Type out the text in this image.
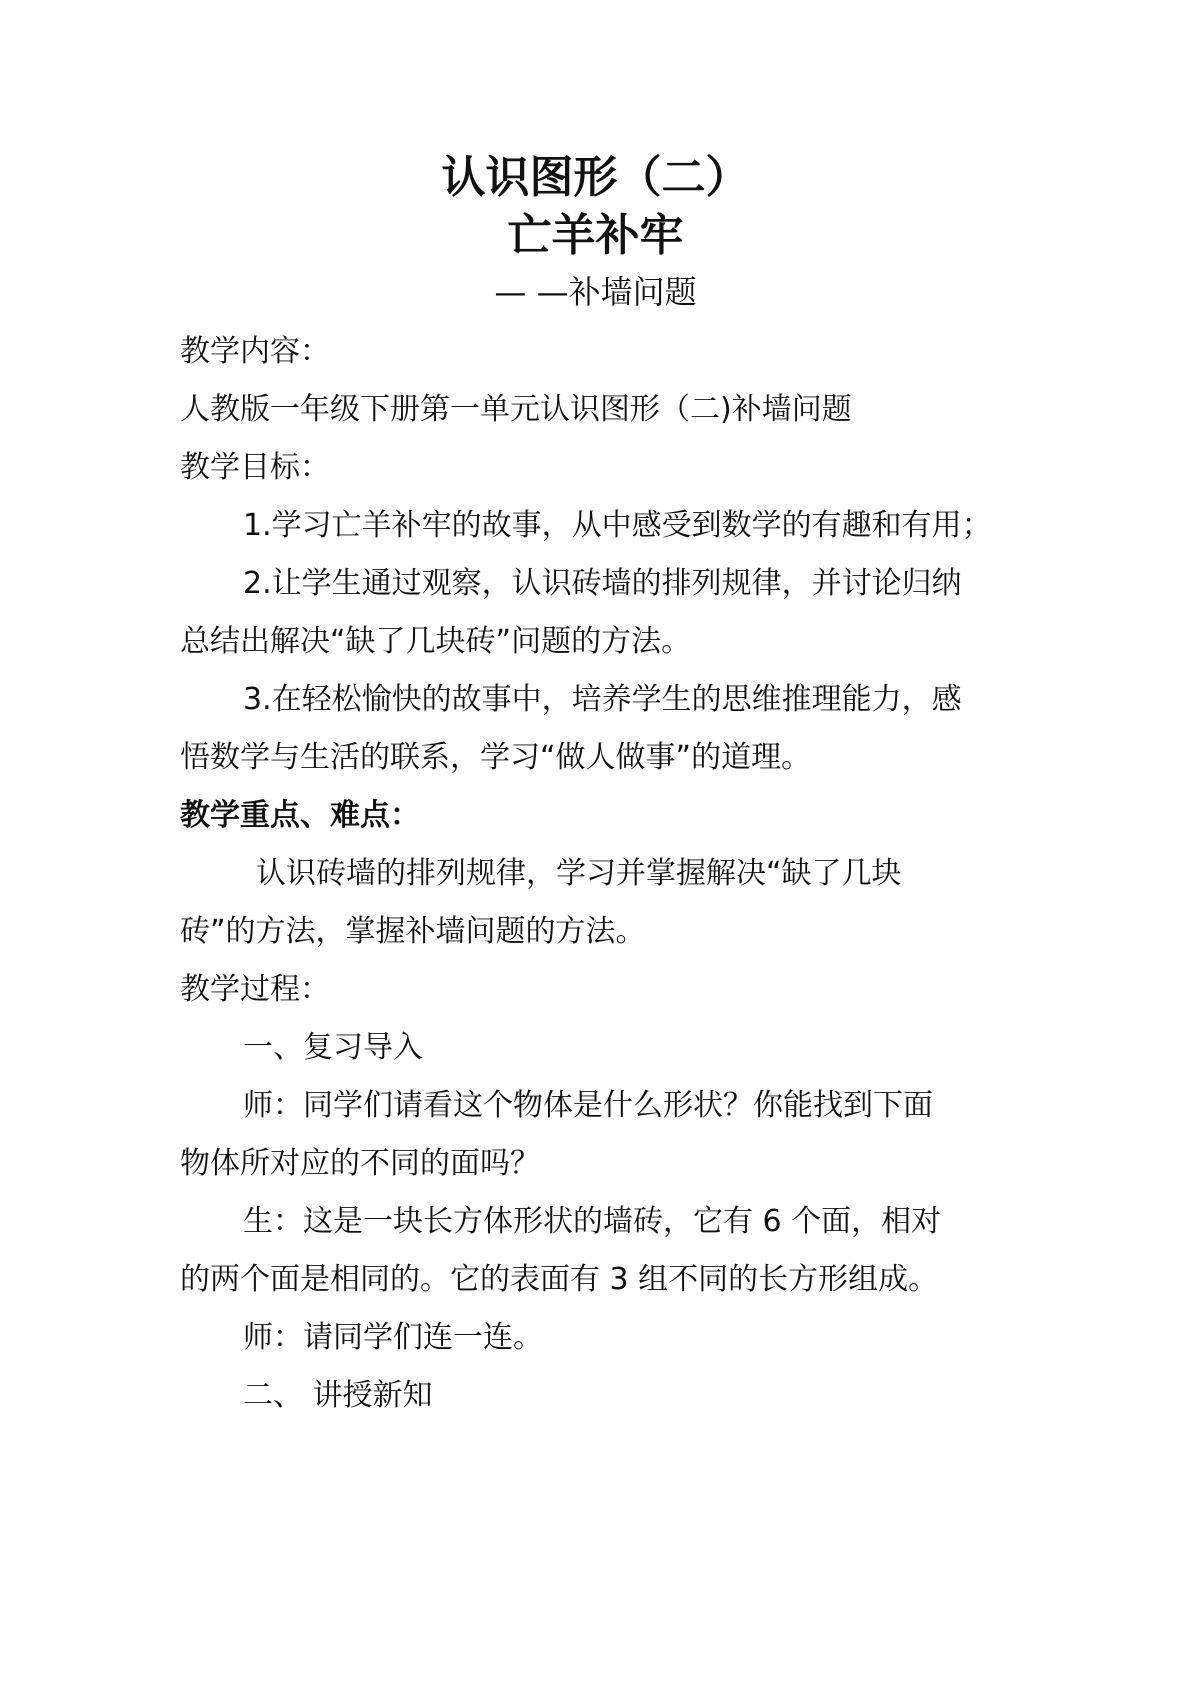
认识图形（二）
亡羊补牢

— —补墙问题

教学内容：

人教版一年级下册第一单元认识图形（二)补墙问题

教学目标：

1.学习亡羊补牢的故事，从中感受到数学的有趣和有用；

2.让学生通过观察，认识砖墙的排列规律，并讨论归纳

总结出解决“缺了几块砖”问题的方法。

3.在轻松愉快的故事中，培养学生的思维推理能力，感

悟数学与生活的联系，学习“做人做事”的道理。

教学重点、难点：

认识砖墙的排列规律，学习并掌握解决“缺了几块

砖”的方法，掌握补墙问题的方法。

教学过程：

一、复习导入

师：同学们请看这个物体是什么形状？你能找到下面

物体所对应的不同的面吗？

生：这是一块长方体形状的墙砖，它有 6 个面，相对

的两个面是相同的。它的表面有 3 组不同的长方形组成。

师：请同学们连一连。

二、 讲授新知
